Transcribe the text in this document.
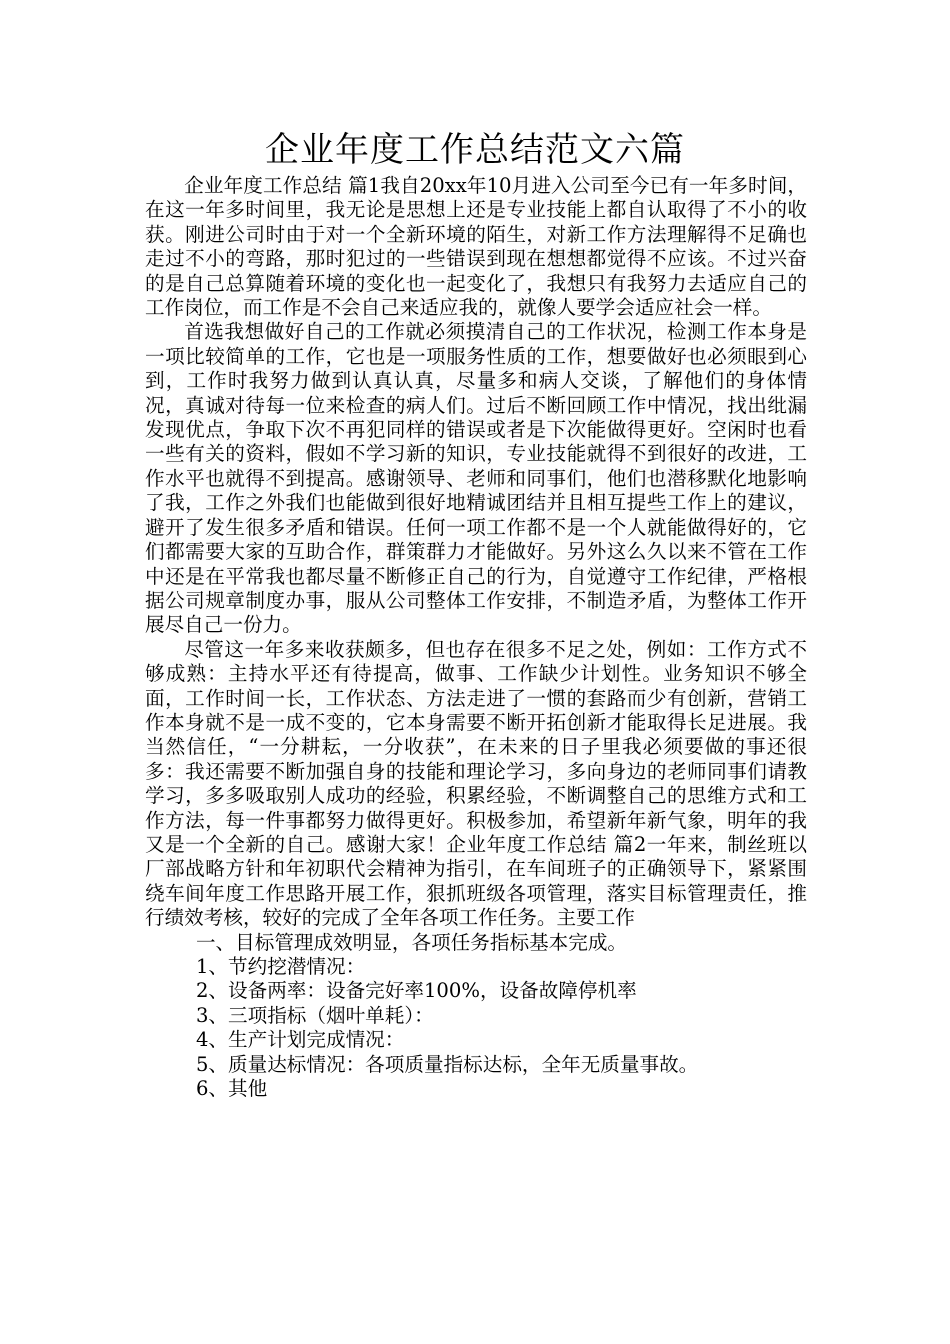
企业年度工作总结范文六篇

企业年度工作总结 篇1我自20xx年10月进入公司至今已有一年多时间，在这一年多时间里，我无论是思想上还是专业技能上都自认取得了不小的收获。刚进公司时由于对一个全新环境的陌生，对新工作方法理解得不足确也走过不小的弯路，那时犯过的一些错误到现在想想都觉得不应该。不过兴奋的是自己总算随着环境的变化也一起变化了，我想只有我努力去适应自己的工作岗位，而工作是不会自己来适应我的，就像人要学会适应社会一样。

首选我想做好自己的工作就必须摸清自己的工作状况，检测工作本身是一项比较简单的工作，它也是一项服务性质的工作，想要做好也必须眼到心到，工作时我努力做到认真认真，尽量多和病人交谈，了解他们的身体情况，真诚对待每一位来检查的病人们。过后不断回顾工作中情况，找出纰漏发现优点，争取下次不再犯同样的错误或者是下次能做得更好。空闲时也看一些有关的资料，假如不学习新的知识，专业技能就得不到很好的改进，工作水平也就得不到提高。感谢领导、老师和同事们，他们也潜移默化地影响了我，工作之外我们也能做到很好地精诚团结并且相互提些工作上的建议，避开了发生很多矛盾和错误。任何一项工作都不是一个人就能做得好的，它们都需要大家的互助合作，群策群力才能做好。另外这么久以来不管在工作中还是在平常我也都尽量不断修正自己的行为，自觉遵守工作纪律，严格根据公司规章制度办事，服从公司整体工作安排，不制造矛盾，为整体工作开展尽自己一份力。

尽管这一年多来收获颇多，但也存在很多不足之处，例如：工作方式不够成熟：主持水平还有待提高，做事、工作缺少计划性。业务知识不够全面，工作时间一长，工作状态、方法走进了一惯的套路而少有创新，营销工作本身就不是一成不变的，它本身需要不断开拓创新才能取得长足进展。我当然信任，“一分耕耘，一分收获”，在未来的日子里我必须要做的事还很多：我还需要不断加强自身的技能和理论学习，多向身边的老师同事们请教学习，多多吸取别人成功的经验，积累经验，不断调整自己的思维方式和工作方法，每一件事都努力做得更好。积极参加，希望新年新气象，明年的我又是一个全新的自己。感谢大家！企业年度工作总结 篇2一年来，制丝班以厂部战略方针和年初职代会精神为指引，在车间班子的正确领导下，紧紧围绕车间年度工作思路开展工作，狠抓班级各项管理，落实目标管理责任，推行绩效考核，较好的完成了全年各项工作任务。主要工作

一、目标管理成效明显，各项任务指标基本完成。

1、节约挖潜情况：

2、设备两率：设备完好率100%，设备故障停机率

3、三项指标（烟叶单耗）：

4、生产计划完成情况：

5、质量达标情况：各项质量指标达标，全年无质量事故。

6、其他
